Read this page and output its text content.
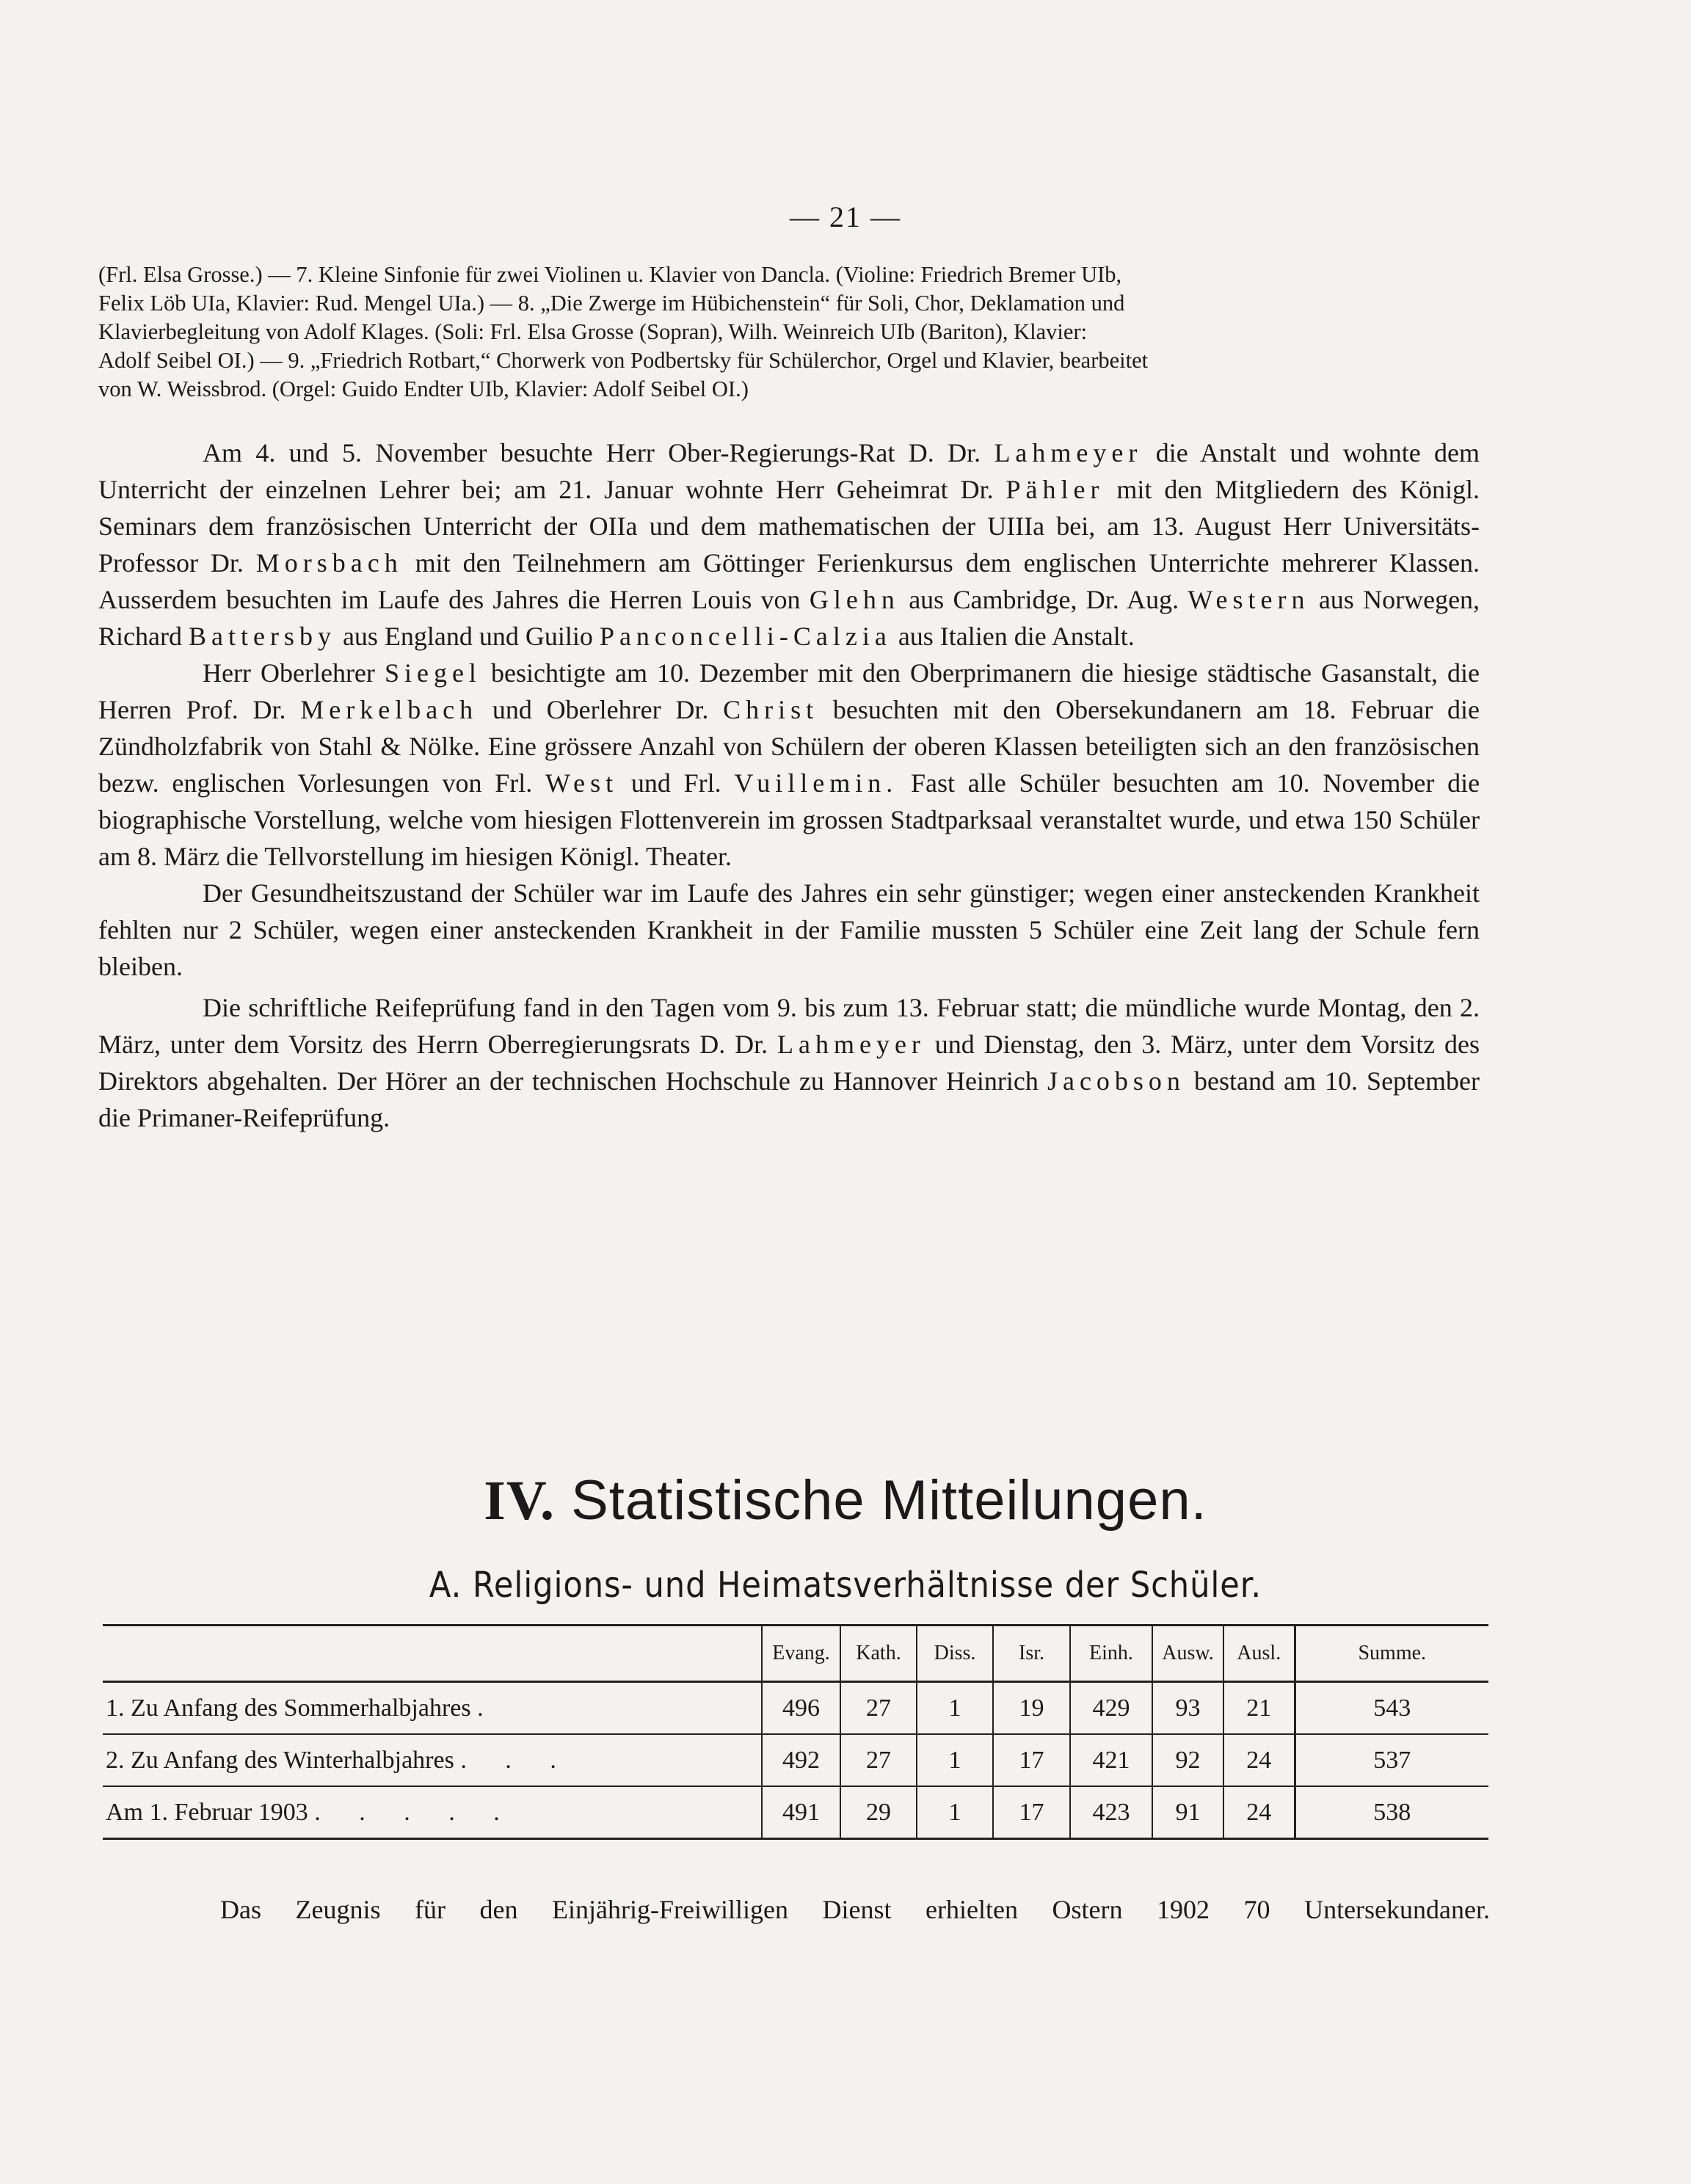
— 21 —

(Frl. Elsa Grosse.) — 7. Kleine Sinfonie für zwei Violinen u. Klavier von Dancla. (Violine: Friedrich Bremer UIb,

Felix Löb UIa, Klavier: Rud. Mengel UIa.) — 8. „Die Zwerge im Hübichenstein“ für Soli, Chor, Deklamation und

Klavierbegleitung von Adolf Klages. (Soli: Frl. Elsa Grosse (Sopran), Wilh. Weinreich UIb (Bariton), Klavier:

Adolf Seibel OI.) — 9. „Friedrich Rotbart,“ Chorwerk von Podbertsky für Schülerchor, Orgel und Klavier, bearbeitet

von W. Weissbrod. (Orgel: Guido Endter UIb, Klavier: Adolf Seibel OI.)

Am 4. und 5. November besuchte Herr Ober-Regierungs-Rat D. Dr. Lahmeyer die Anstalt und wohnte dem Unterricht der einzelnen Lehrer bei; am 21. Januar wohnte Herr Geheimrat Dr. Pähler mit den Mitgliedern des Königl. Seminars dem französischen Unterricht der OIIa und dem mathematischen der UIIIa bei, am 13. August Herr Universitäts-Professor Dr. Morsbach mit den Teilnehmern am Göttinger Ferienkursus dem englischen Unterrichte mehrerer Klassen. Ausserdem besuchten im Laufe des Jahres die Herren Louis von Glehn aus Cambridge, Dr. Aug. Western aus Norwegen, Richard Battersby aus England und Guilio Panconcelli-Calzia aus Italien die Anstalt.

Herr Oberlehrer Siegel besichtigte am 10. Dezember mit den Oberprimanern die hiesige städtische Gasanstalt, die Herren Prof. Dr. Merkelbach und Oberlehrer Dr. Christ besuchten mit den Obersekundanern am 18. Februar die Zündholzfabrik von Stahl & Nölke. Eine grössere Anzahl von Schülern der oberen Klassen beteiligten sich an den französischen bezw. englischen Vorlesungen von Frl. West und Frl. Vuillemin. Fast alle Schüler besuchten am 10. November die biographische Vorstellung, welche vom hiesigen Flottenverein im grossen Stadtparksaal veranstaltet wurde, und etwa 150 Schüler am 8. März die Tellvorstellung im hiesigen Königl. Theater.

Der Gesundheitszustand der Schüler war im Laufe des Jahres ein sehr günstiger; wegen einer ansteckenden Krankheit fehlten nur 2 Schüler, wegen einer ansteckenden Krankheit in der Familie mussten 5 Schüler eine Zeit lang der Schule fern bleiben.

Die schriftliche Reifeprüfung fand in den Tagen vom 9. bis zum 13. Februar statt; die mündliche wurde Montag, den 2. März, unter dem Vorsitz des Herrn Oberregierungsrats D. Dr. Lahmeyer und Dienstag, den 3. März, unter dem Vorsitz des Direktors abgehalten. Der Hörer an der technischen Hochschule zu Hannover Heinrich Jacobson bestand am 10. September die Primaner-Reifeprüfung.

IV. Statistische Mitteilungen.
A. Religions- und Heimatsverhältnisse der Schüler.
	Evang.	Kath.	Diss.	Isr.	Einh.	Ausw.	Ausl.	Summe.
1. Zu Anfang des Sommerhalbjahres .	496	27	1	19	429	93	21	543
2. Zu Anfang des Winterhalbjahres . . .	492	27	1	17	421	92	24	537
Am 1. Februar 1903 . . . . .	491	29	1	17	423	91	24	538
Das Zeugnis für den Einjährig-Freiwilligen Dienst erhielten Ostern 1902 70 Untersekundaner.
